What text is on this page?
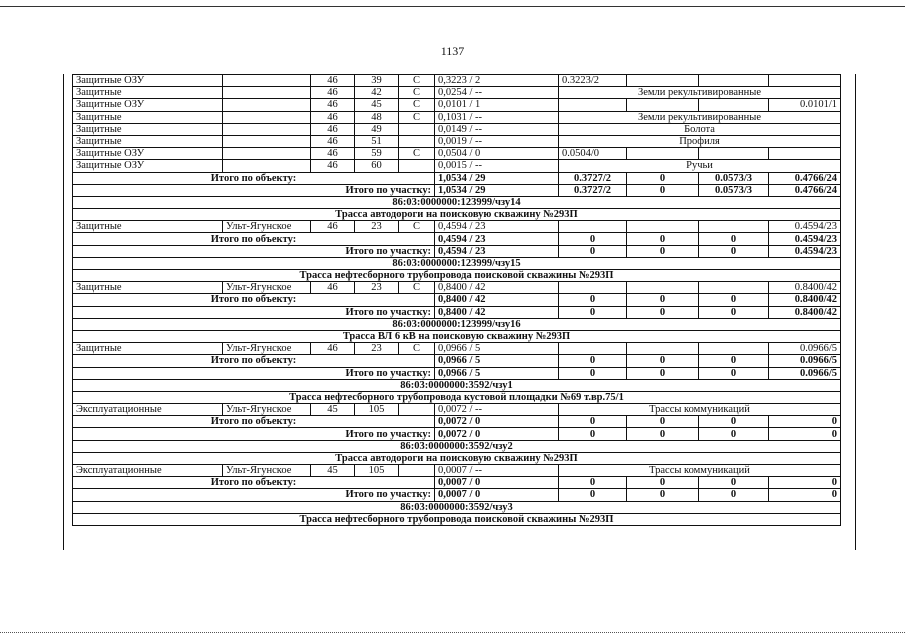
1137
Защитные ОЗУ		46	39	С	0,3223 / 2	0.3223/2			
Защитные		46	42	С	0,0254 / --	Земли рекультивированные			
Защитные ОЗУ		46	45	С	0,0101 / 1				0.0101/1
Защитные		46	48	С	0,1031 / --	Земли рекультивированные			
Защитные		46	49		0,0149 / --	Болота			
Защитные		46	51		0,0019 / --	Профиля			
Защитные ОЗУ		46	59	С	0,0504 / 0	0.0504/0			
Защитные ОЗУ		46	60		0,0015 / --	Ручьи			
Итого по объекту:					1,0534 / 29	0.3727/2	0	0.0573/3	0.4766/24
Итого по участку:					1,0534 / 29	0.3727/2	0	0.0573/3	0.4766/24
86:03:0000000:123999/чзу14									
Трасса автодороги на поисковую скважину №293П									
Защитные	Ульт-Ягунское	46	23	С	0,4594 / 23				0.4594/23
Итого по объекту:					0,4594 / 23	0	0	0	0.4594/23
Итого по участку:					0,4594 / 23	0	0	0	0.4594/23
86:03:0000000:123999/чзу15									
Трасса нефтесборного трубопровода поисковой скважины №293П									
Защитные	Ульт-Ягунское	46	23	С	0,8400 / 42				0.8400/42
Итого по объекту:					0,8400 / 42	0	0	0	0.8400/42
Итого по участку:					0,8400 / 42	0	0	0	0.8400/42
86:03:0000000:123999/чзу16									
Трасса ВЛ 6 кВ на поисковую скважину №293П									
Защитные	Ульт-Ягунское	46	23	С	0,0966 / 5				0.0966/5
Итого по объекту:					0,0966 / 5	0	0	0	0.0966/5
Итого по участку:					0,0966 / 5	0	0	0	0.0966/5
86:03:0000000:3592/чзу1									
Трасса нефтесборного трубопровода кустовой площадки №69 т.вр.75/1									
Эксплуатационные	Ульт-Ягунское	45	105		0,0072 / --	Трассы коммуникаций			
Итого по объекту:					0,0072 / 0	0	0	0	0
Итого по участку:					0,0072 / 0	0	0	0	0
86:03:0000000:3592/чзу2									
Трасса автодороги на поисковую скважину №293П									
Эксплуатационные	Ульт-Ягунское	45	105		0,0007 / --	Трассы коммуникаций			
Итого по объекту:					0,0007 / 0	0	0	0	0
Итого по участку:					0,0007 / 0	0	0	0	0
86:03:0000000:3592/чзу3									
Трасса нефтесборного трубопровода поисковой скважины №293П									
